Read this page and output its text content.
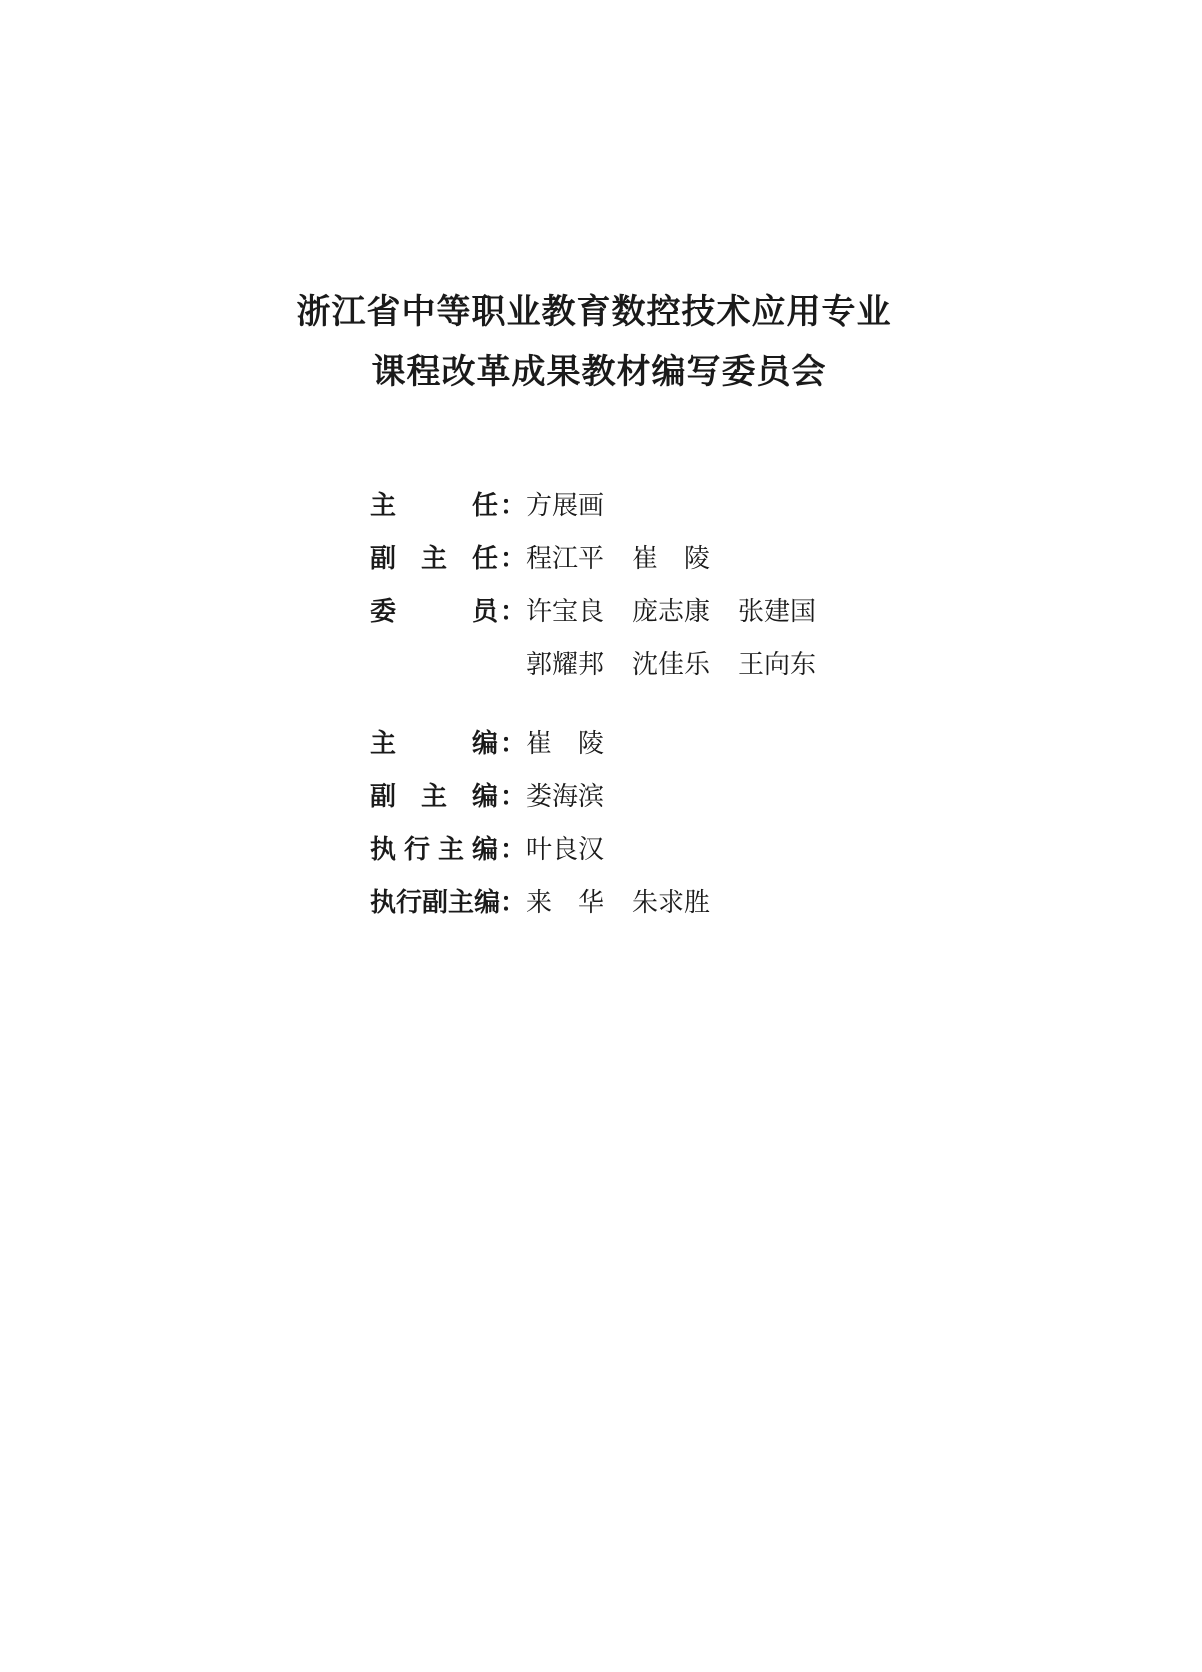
浙江省中等职业教育数控技术应用专业
课程改革成果教材编写委员会
主	任 ： 方展画
副 主 任 ： 程江平 崔　陵
委	员 ： 许宝良 庞志康 张建国
郭耀邦 沈佳乐 王向东
主	编 ： 崔　陵
副 主 编 ： 娄海滨
执 行 主 编 ： 叶良汉
执 行 副 主 编 ： 来　华 朱求胜
